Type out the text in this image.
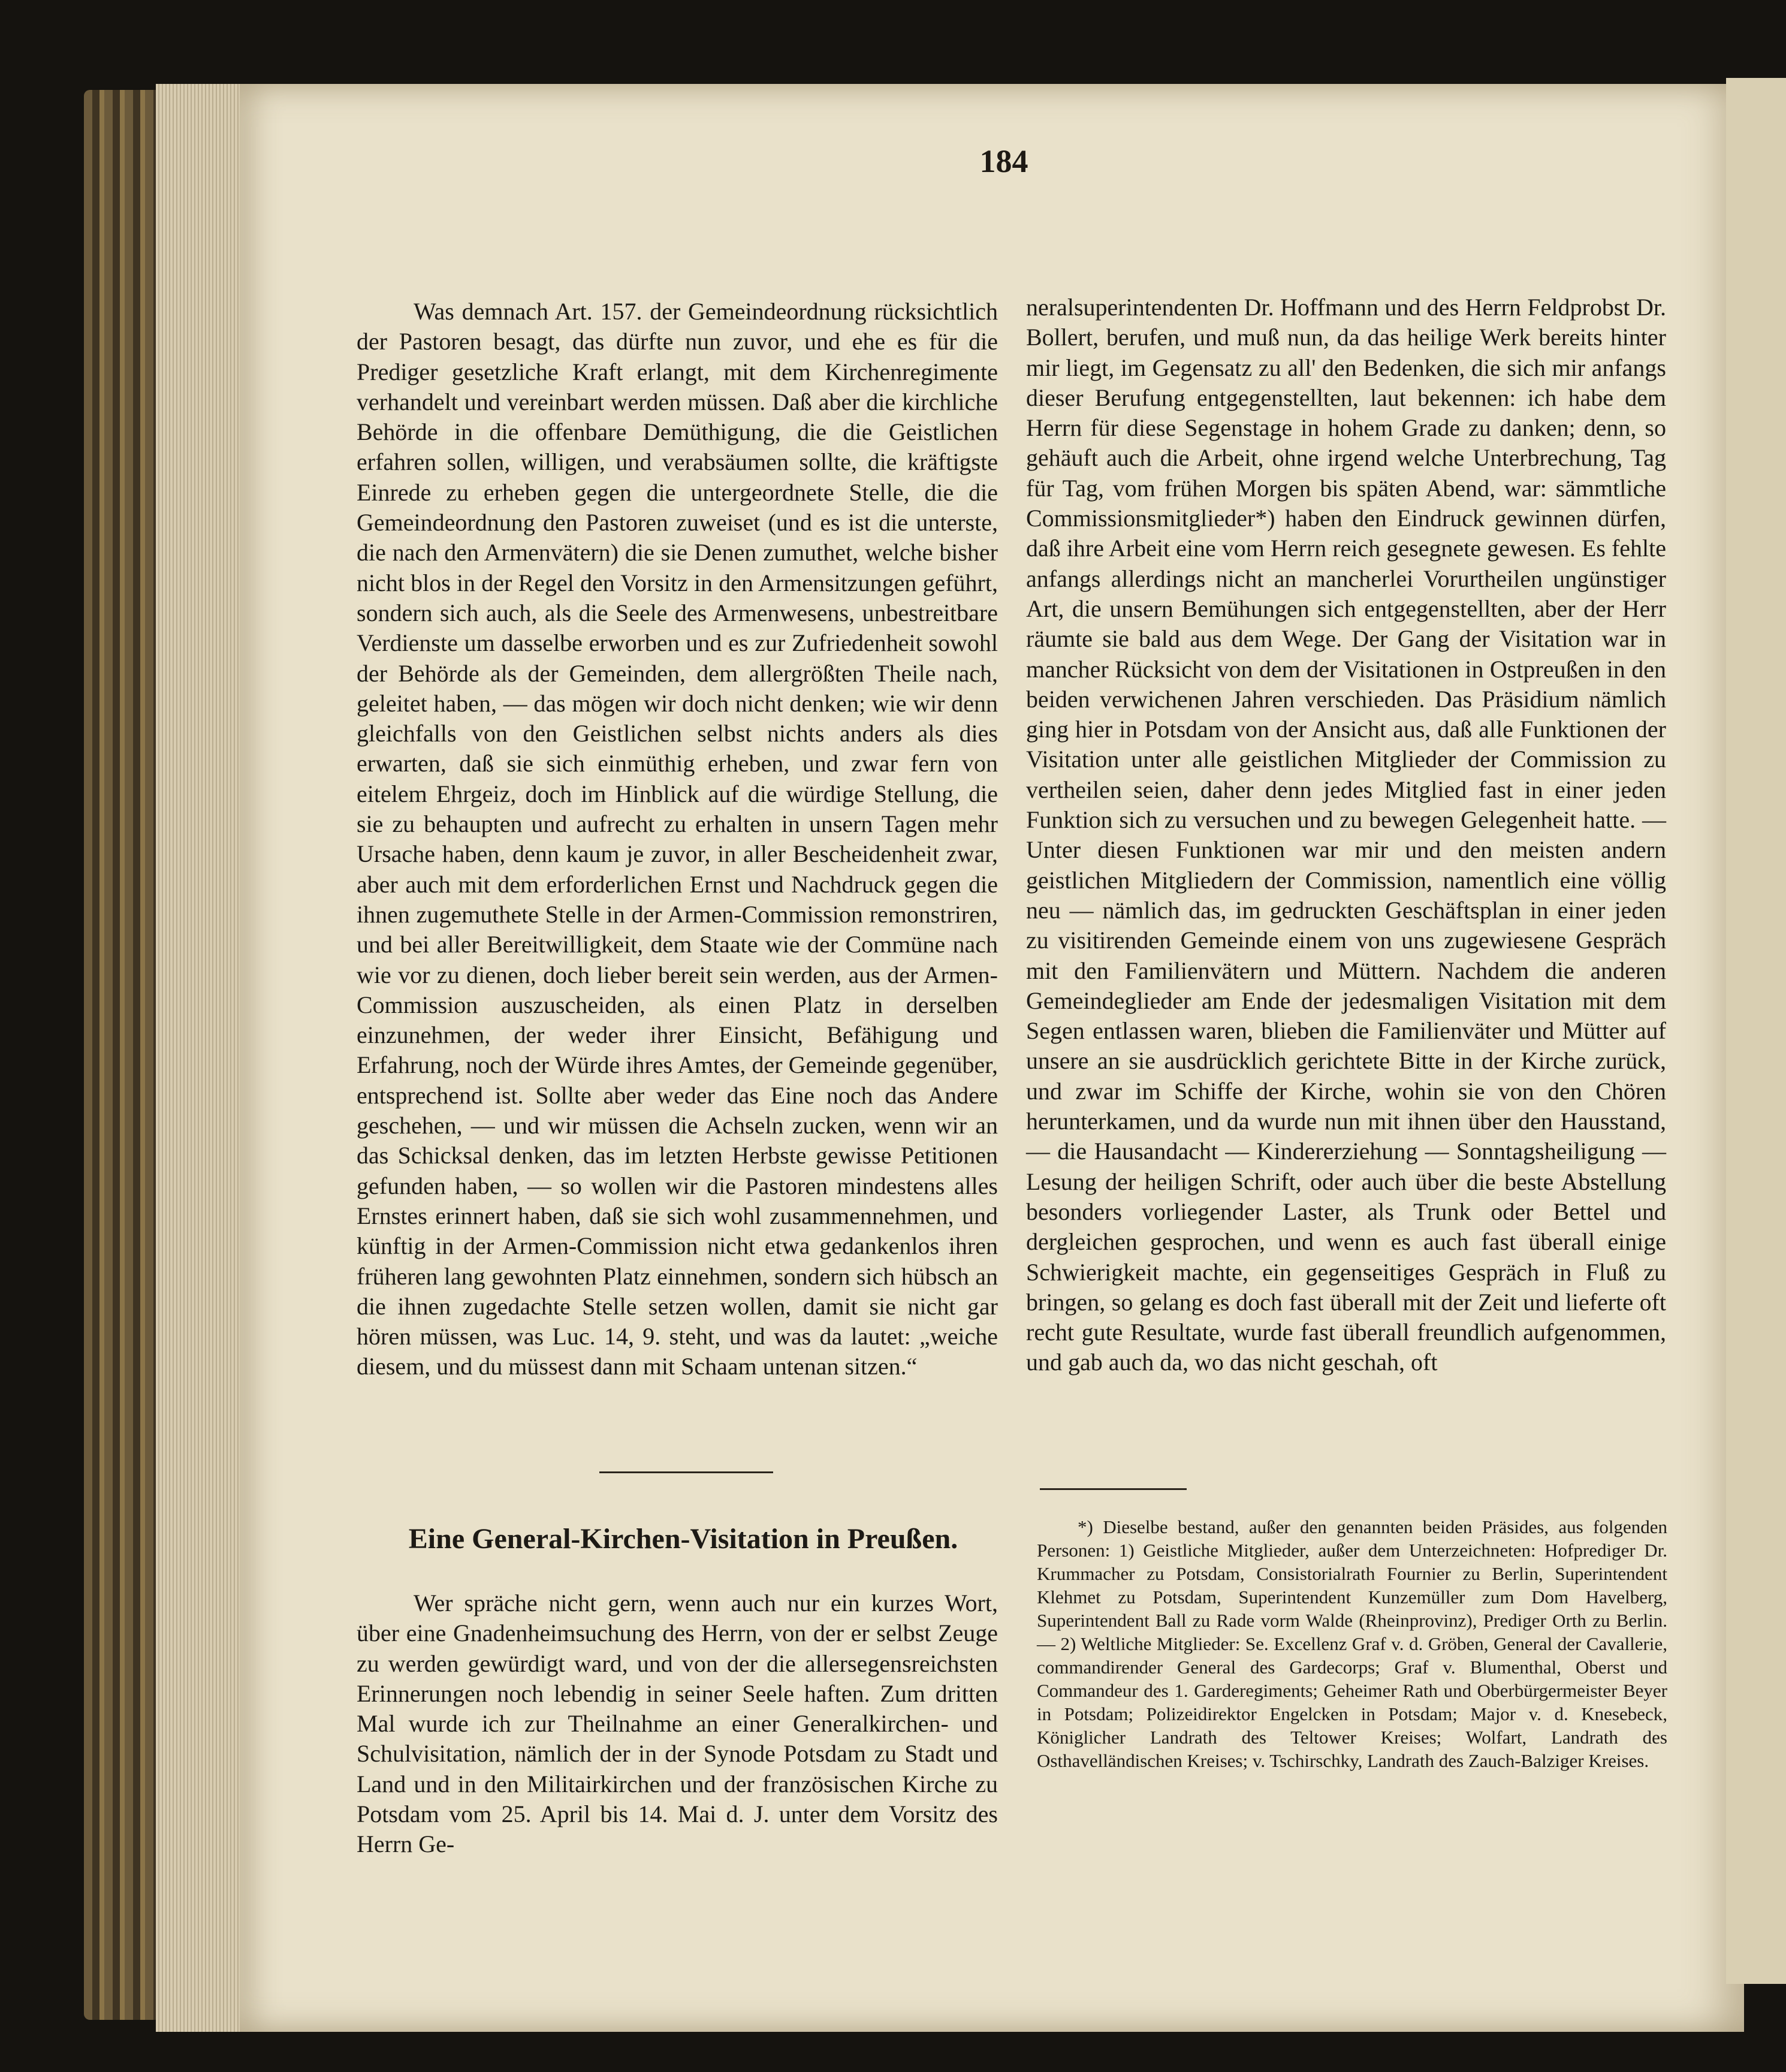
184

Was demnach Art. 157. der Gemeindeordnung rücksichtlich der Pastoren besagt, das dürfte nun zuvor, und ehe es für die Prediger gesetzliche Kraft erlangt, mit dem Kirchenregimente verhandelt und vereinbart werden müssen. Daß aber die kirchliche Behörde in die offenbare Demüthigung, die die Geistlichen erfahren sollen, willigen, und verabsäumen sollte, die kräftigste Einrede zu erheben gegen die untergeordnete Stelle, die die Gemeindeordnung den Pastoren zuweiset (und es ist die unterste, die nach den Armenvätern) die sie Denen zumuthet, welche bisher nicht blos in der Regel den Vorsitz in den Armensitzungen geführt, sondern sich auch, als die Seele des Armenwesens, unbestreitbare Verdienste um dasselbe erworben und es zur Zufriedenheit sowohl der Behörde als der Gemeinden, dem allergrößten Theile nach, geleitet haben, — das mögen wir doch nicht denken; wie wir denn gleichfalls von den Geistlichen selbst nichts anders als dies erwarten, daß sie sich einmüthig erheben, und zwar fern von eitelem Ehrgeiz, doch im Hinblick auf die würdige Stellung, die sie zu behaupten und aufrecht zu erhalten in unsern Tagen mehr Ursache haben, denn kaum je zuvor, in aller Bescheidenheit zwar, aber auch mit dem erforderlichen Ernst und Nachdruck gegen die ihnen zugemuthete Stelle in der Armen-Commission remonstriren, und bei aller Bereitwilligkeit, dem Staate wie der Commüne nach wie vor zu dienen, doch lieber bereit sein werden, aus der Armen-Commission auszuscheiden, als einen Platz in derselben einzunehmen, der weder ihrer Einsicht, Befähigung und Erfahrung, noch der Würde ihres Amtes, der Gemeinde gegenüber, entsprechend ist. Sollte aber weder das Eine noch das Andere geschehen, — und wir müssen die Achseln zucken, wenn wir an das Schicksal denken, das im letzten Herbste gewisse Petitionen gefunden haben, — so wollen wir die Pastoren mindestens alles Ernstes erinnert haben, daß sie sich wohl zusammennehmen, und künftig in der Armen-Commission nicht etwa gedankenlos ihren früheren lang gewohnten Platz einnehmen, sondern sich hübsch an die ihnen zugedachte Stelle setzen wollen, damit sie nicht gar hören müssen, was Luc. 14, 9. steht, und was da lautet: „weiche diesem, und du müssest dann mit Schaam untenan sitzen.“

Eine General-Kirchen-Visitation in Preußen.

Wer spräche nicht gern, wenn auch nur ein kurzes Wort, über eine Gnadenheimsuchung des Herrn, von der er selbst Zeuge zu werden gewürdigt ward, und von der die allersegensreichsten Erinnerungen noch lebendig in seiner Seele haften. Zum dritten Mal wurde ich zur Theilnahme an einer Generalkirchen- und Schulvisitation, nämlich der in der Synode Potsdam zu Stadt und Land und in den Militairkirchen und der französischen Kirche zu Potsdam vom 25. April bis 14. Mai d. J. unter dem Vorsitz des Herrn Ge-

neralsuperintendenten Dr. Hoffmann und des Herrn Feldprobst Dr. Bollert, berufen, und muß nun, da das heilige Werk bereits hinter mir liegt, im Gegensatz zu all' den Bedenken, die sich mir anfangs dieser Berufung entgegenstellten, laut bekennen: ich habe dem Herrn für diese Segenstage in hohem Grade zu danken; denn, so gehäuft auch die Arbeit, ohne irgend welche Unterbrechung, Tag für Tag, vom frühen Morgen bis späten Abend, war: sämmtliche Commissionsmitglieder*) haben den Eindruck gewinnen dürfen, daß ihre Arbeit eine vom Herrn reich gesegnete gewesen. Es fehlte anfangs allerdings nicht an mancherlei Vorurtheilen ungünstiger Art, die unsern Bemühungen sich entgegenstellten, aber der Herr räumte sie bald aus dem Wege. Der Gang der Visitation war in mancher Rücksicht von dem der Visitationen in Ostpreußen in den beiden verwichenen Jahren verschieden. Das Präsidium nämlich ging hier in Potsdam von der Ansicht aus, daß alle Funktionen der Visitation unter alle geistlichen Mitglieder der Commission zu vertheilen seien, daher denn jedes Mitglied fast in einer jeden Funktion sich zu versuchen und zu bewegen Gelegenheit hatte. — Unter diesen Funktionen war mir und den meisten andern geistlichen Mitgliedern der Commission, namentlich eine völlig neu — nämlich das, im gedruckten Geschäftsplan in einer jeden zu visitirenden Gemeinde einem von uns zugewiesene Gespräch mit den Familienvätern und Müttern. Nachdem die anderen Gemeindeglieder am Ende der jedesmaligen Visitation mit dem Segen entlassen waren, blieben die Familienväter und Mütter auf unsere an sie ausdrücklich gerichtete Bitte in der Kirche zurück, und zwar im Schiffe der Kirche, wohin sie von den Chören herunterkamen, und da wurde nun mit ihnen über den Hausstand, — die Hausandacht — Kindererziehung — Sonntagsheiligung — Lesung der heiligen Schrift, oder auch über die beste Abstellung besonders vorliegender Laster, als Trunk oder Bettel und dergleichen gesprochen, und wenn es auch fast überall einige Schwierigkeit machte, ein gegenseitiges Gespräch in Fluß zu bringen, so gelang es doch fast überall mit der Zeit und lieferte oft recht gute Resultate, wurde fast überall freundlich aufgenommen, und gab auch da, wo das nicht geschah, oft

*) Dieselbe bestand, außer den genannten beiden Präsides, aus folgenden Personen: 1) Geistliche Mitglieder, außer dem Unterzeichneten: Hofprediger Dr. Krummacher zu Potsdam, Consistorialrath Fournier zu Berlin, Superintendent Klehmet zu Potsdam, Superintendent Kunzemüller zum Dom Havelberg, Superintendent Ball zu Rade vorm Walde (Rheinprovinz), Prediger Orth zu Berlin. — 2) Weltliche Mitglieder: Se. Excellenz Graf v. d. Gröben, General der Cavallerie, commandirender General des Gardecorps; Graf v. Blumenthal, Oberst und Commandeur des 1. Garderegiments; Geheimer Rath und Oberbürgermeister Beyer in Potsdam; Polizeidirektor Engelcken in Potsdam; Major v. d. Knesebeck, Königlicher Landrath des Teltower Kreises; Wolfart, Landrath des Osthavelländischen Kreises; v. Tschirschky, Landrath des Zauch-Balziger Kreises.
